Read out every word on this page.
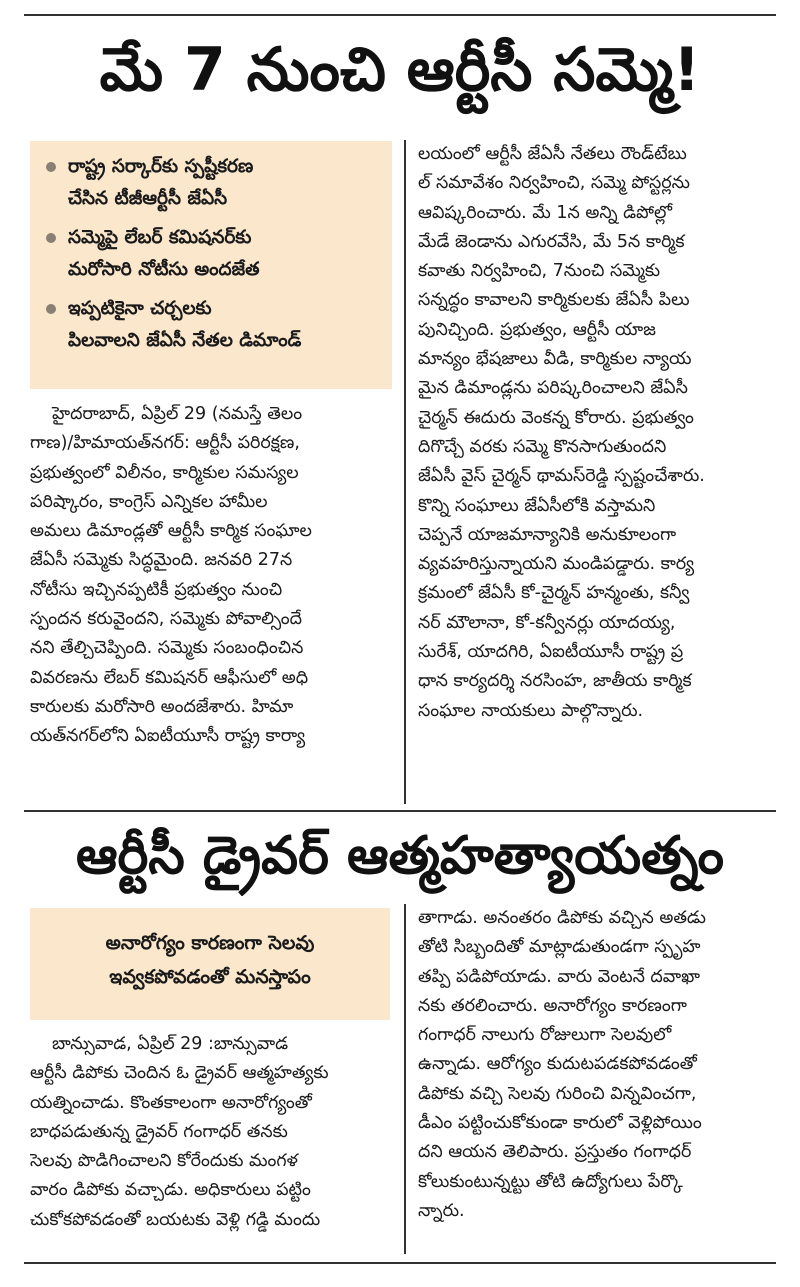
మే 7 నుంచి ఆర్టీసీ సమ్మె!
రాష్ట్ర సర్కార్‌కు స్పష్టీకరణ
చేసిన టీజీఆర్టీసీ జేఏసీ
సమ్మెపై లేబర్ కమిషనర్‌కు
మరోసారి నోటీసు అందజేత
ఇప్పటికైనా చర్చలకు
పిలవాలని జేఏసీ నేతల డిమాండ్
హైదరాబాద్, ఏప్రిల్ 29 (నమస్తే తెలం
గాణ)/హిమాయత్‌నగర్: ఆర్టీసీ పరిరక్షణ,
ప్రభుత్వంలో విలీనం, కార్మికుల సమస్యల
పరిష్కారం, కాంగ్రెస్ ఎన్నికల హామీల
అమలు డిమాండ్లతో ఆర్టీసీ కార్మిక సంఘాల
జేఏసీ సమ్మెకు సిద్ధమైంది. జనవరి 27న
నోటీసు ఇచ్చినప్పటికీ ప్రభుత్వం నుంచి
స్పందన కరువైందని, సమ్మెకు పోవాల్సిందే
నని తేల్చిచెప్పింది. సమ్మెకు సంబంధించిన
వివరణను లేబర్ కమిషనర్ ఆఫీసులో అధి
కారులకు మరోసారి అందజేశారు. హిమా
యత్‌నగర్‌లోని ఏఐటీయూసీ రాష్ట్ర కార్యా
లయంలో ఆర్టీసీ జేఏసీ నేతలు రౌండ్‌టేబు
ల్ సమావేశం నిర్వహించి, సమ్మె పోస్టర్లను
ఆవిష్కరించారు. మే 1న అన్ని డిపోల్లో
మేడే జెండాను ఎగురవేసి, మే 5న కార్మిక
కవాతు నిర్వహించి, 7నుంచి సమ్మెకు
సన్నద్ధం కావాలని కార్మికులకు జేఏసీ పిలు
పునిచ్చింది. ప్రభుత్వం, ఆర్టీసీ యాజ
మాన్యం భేషజాలు వీడి, కార్మికుల న్యాయ
మైన డిమాండ్లను పరిష్కరించాలని జేఏసీ
చైర్మన్ ఈదురు వెంకన్న కోరారు. ప్రభుత్వం
దిగొచ్చే వరకు సమ్మె కొనసాగుతుందని
జేఏసీ వైస్ చైర్మన్ థామస్‌రెడ్డి స్పష్టంచేశారు.
కొన్ని సంఘాలు జేఏసీలోకి వస్తామని
చెప్పనే యాజమాన్యానికి అనుకూలంగా
వ్యవహరిస్తున్నాయని మండిపడ్డారు. కార్య
క్రమంలో జేఏసీ కో-చైర్మన్ హన్మంతు, కన్వీ
నర్ మౌలానా, కో-కన్వీనర్లు యాదయ్య,
సురేశ్, యాదగిరి, ఏఐటీయూసీ రాష్ట్ర ప్ర
ధాన కార్యదర్శి నరసింహ, జాతీయ కార్మిక
సంఘాల నాయకులు పాల్గొన్నారు.
ఆర్టీసీ డ్రైవర్ ఆత్మహత్యాయత్నం
అనారోగ్యం కారణంగా సెలవు
ఇవ్వకపోవడంతో మనస్తాపం
బాన్సువాడ, ఏప్రిల్ 29 :బాన్సువాడ
ఆర్టీసీ డిపోకు చెందిన ఓ డ్రైవర్ ఆత్మహత్యకు
యత్నించాడు. కొంతకాలంగా అనారోగ్యంతో
బాధపడుతున్న డ్రైవర్ గంగాధర్ తనకు
సెలవు పొడిగించాలని కోరేందుకు మంగళ
వారం డిపోకు వచ్చాడు. అధికారులు పట్టిం
చుకోకపోవడంతో బయటకు వెళ్లి గడ్డి మందు
తాగాడు. అనంతరం డిపోకు వచ్చిన అతడు
తోటి సిబ్బందితో మాట్లాడుతుండగా స్పృహ
తప్పి పడిపోయాడు. వారు వెంటనే దవాఖా
నకు తరలించారు. అనారోగ్యం కారణంగా
గంగాధర్ నాలుగు రోజులుగా సెలవులో
ఉన్నాడు. ఆరోగ్యం కుదుటపడకపోవడంతో
డిపోకు వచ్చి సెలవు గురించి విన్నవించగా,
డీఎం పట్టించుకోకుండా కారులో వెళ్లిపోయిం
దని ఆయన తెలిపారు. ప్రస్తుతం గంగాధర్
కోలుకుంటున్నట్టు తోటి ఉద్యోగులు పేర్కొ
న్నారు.
